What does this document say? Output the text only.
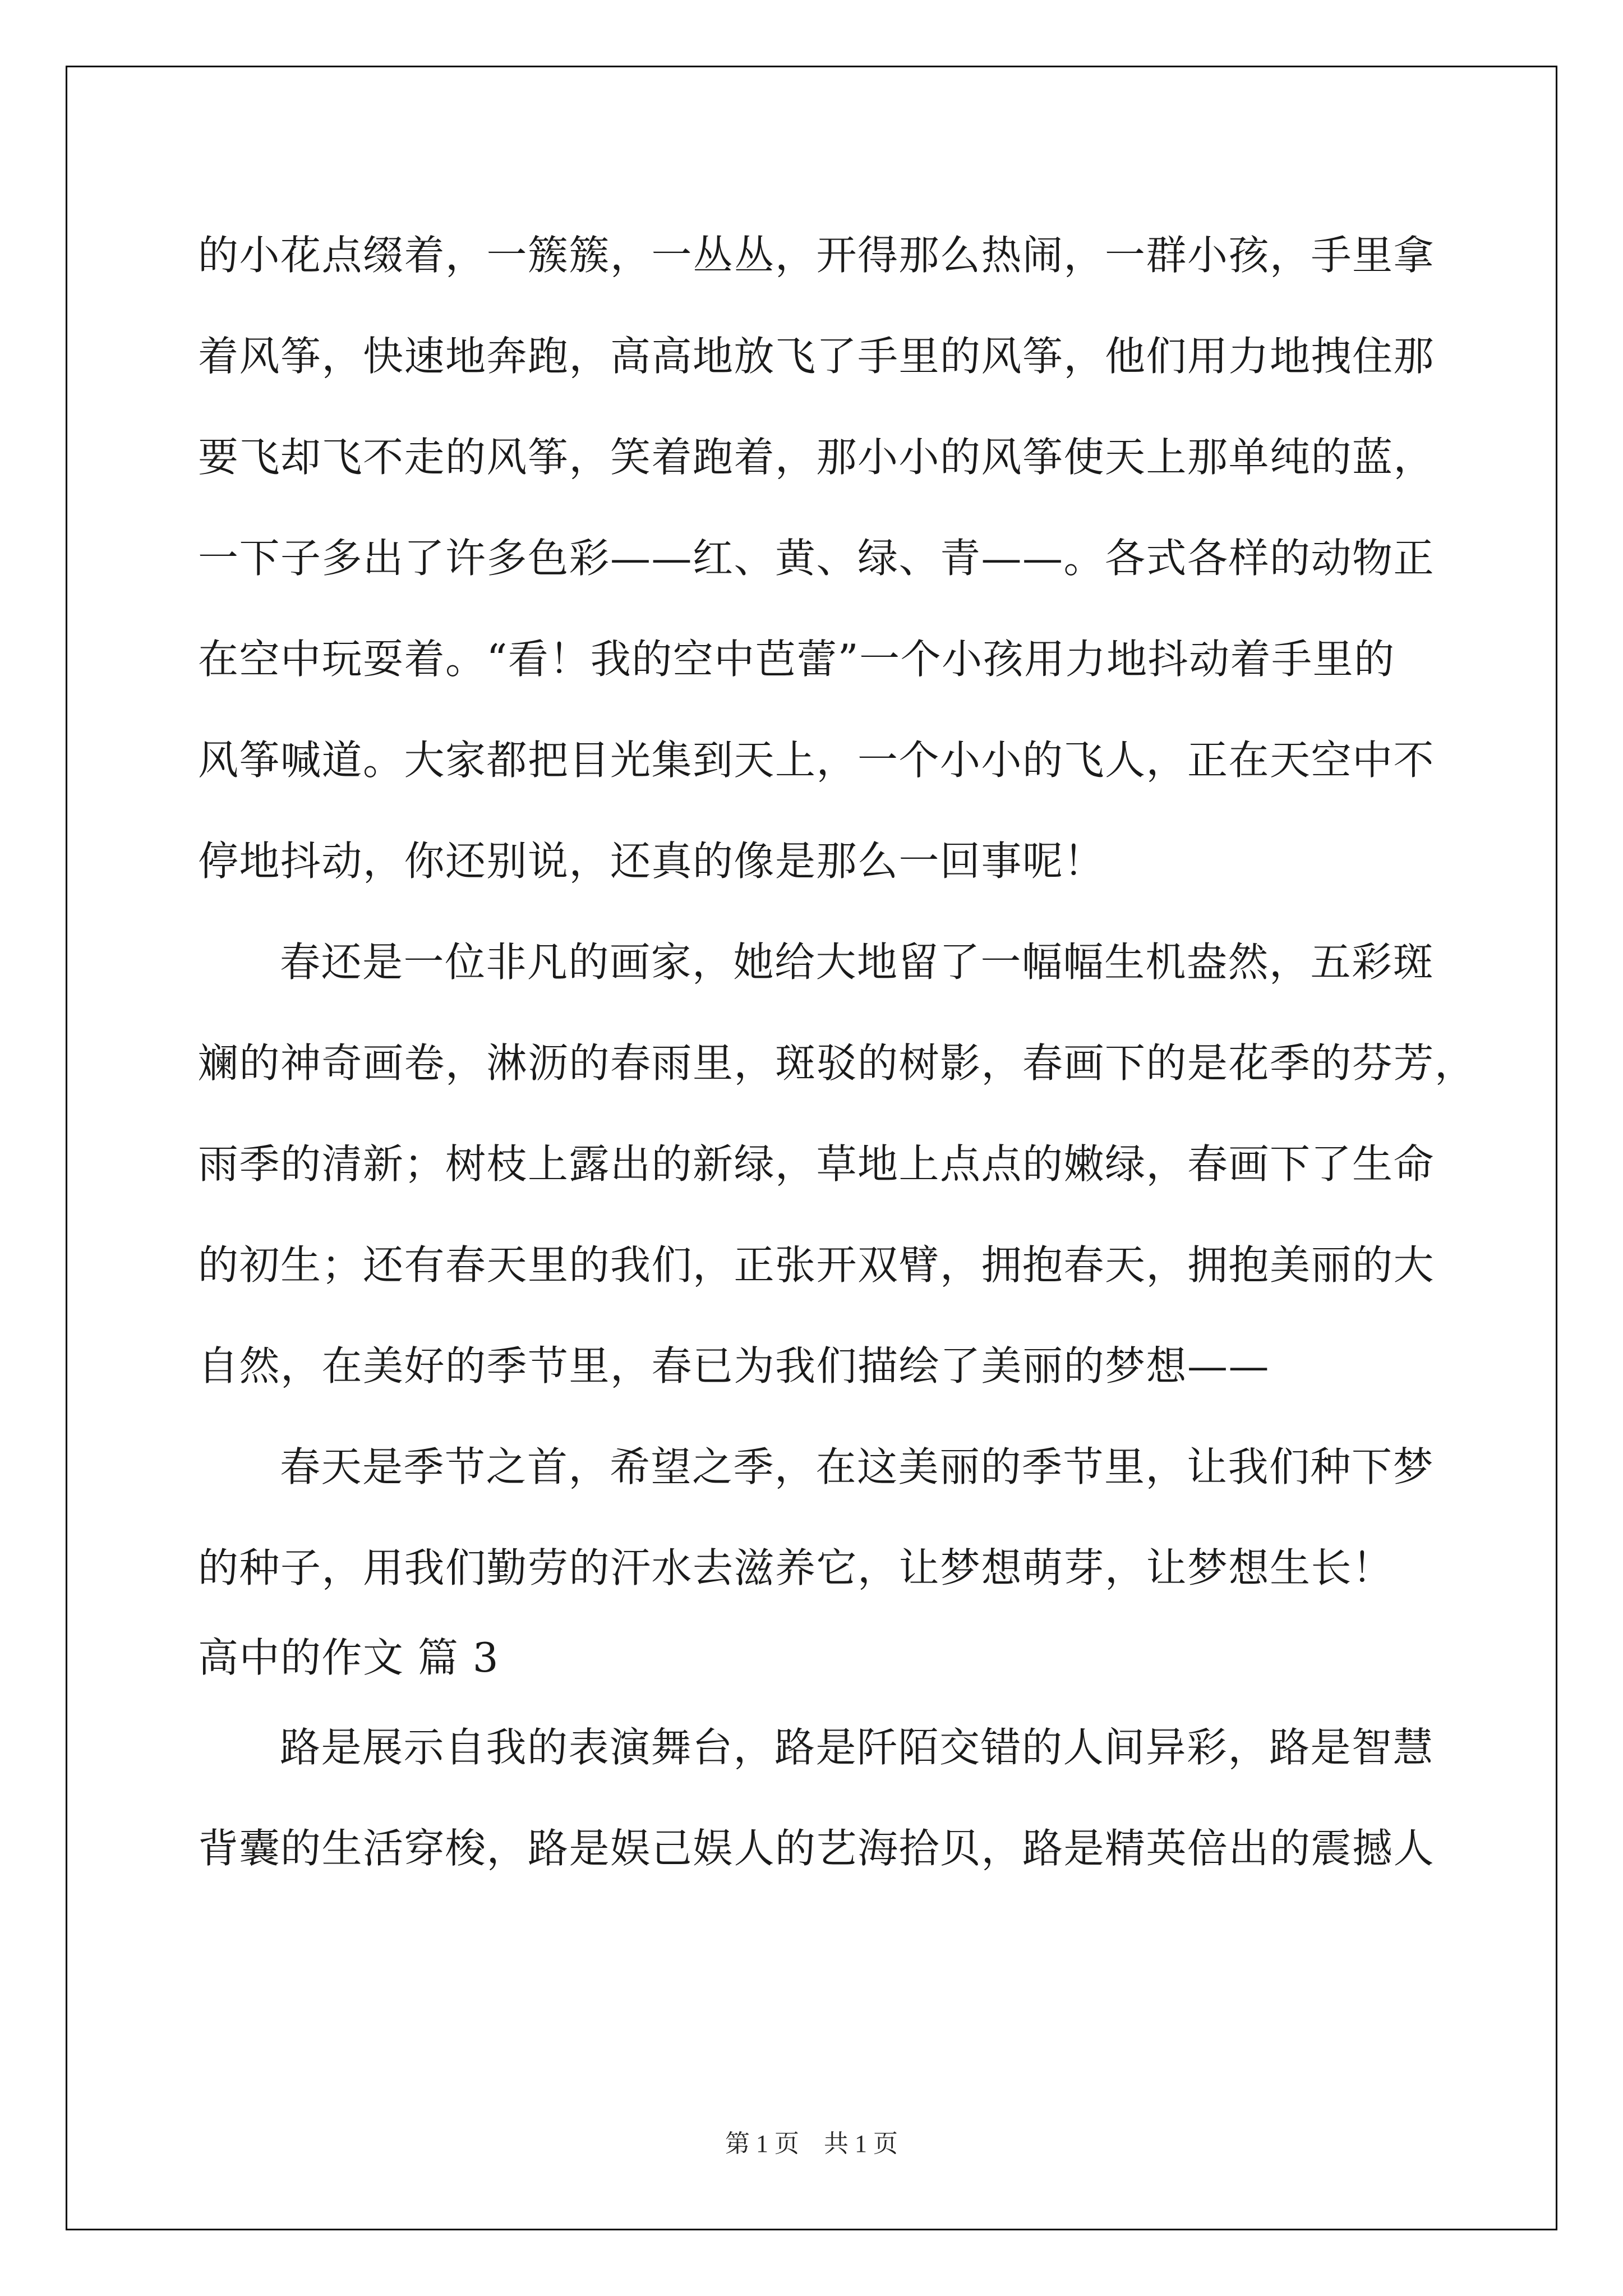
的小花点缀着，一簇簇，一丛丛，开得那么热闹，一群小孩，手里拿
着风筝，快速地奔跑，高高地放飞了手里的风筝，他们用力地拽住那
要飞却飞不走的风筝，笑着跑着，那小小的风筝使天上那单纯的蓝，
一下子多出了许多色彩——红、黄、绿、青——。各式各样的动物正
在空中玩耍着。“看！我的空中芭蕾”一个小孩用力地抖动着手里的
风筝喊道。大家都把目光集到天上，一个小小的飞人，正在天空中不
停地抖动，你还别说，还真的像是那么一回事呢！
春还是一位非凡的画家，她给大地留了一幅幅生机盎然，五彩斑
斓的神奇画卷，淋沥的春雨里，斑驳的树影，春画下的是花季的芬芳，
雨季的清新；树枝上露出的新绿，草地上点点的嫩绿，春画下了生命
的初生；还有春天里的我们，正张开双臂，拥抱春天，拥抱美丽的大
自然，在美好的季节里，春已为我们描绘了美丽的梦想——
春天是季节之首，希望之季，在这美丽的季节里，让我们种下梦
的种子，用我们勤劳的汗水去滋养它，让梦想萌芽，让梦想生长！
高中的作文 篇 3
路是展示自我的表演舞台，路是阡陌交错的人间异彩，路是智慧
背囊的生活穿梭，路是娱己娱人的艺海拾贝，路是精英倍出的震撼人
第 1 页    共 1 页
